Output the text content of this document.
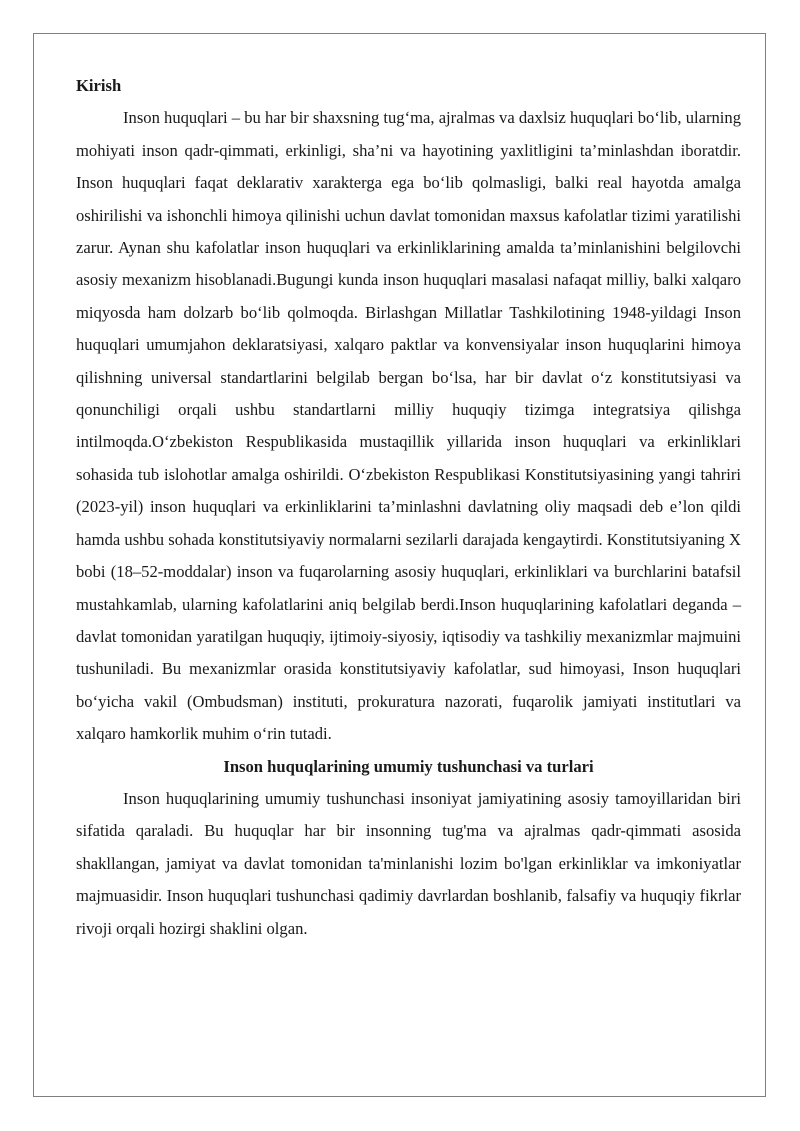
Kirish

Inson huquqlari – bu har bir shaxsning tug‘ma, ajralmas va daxlsiz huquqlari bo‘lib, ularning mohiyati inson qadr-qimmati, erkinligi, sha’ni va hayotining yaxlitligini ta’minlashdan iboratdir. Inson huquqlari faqat deklarativ xarakterga ega bo‘lib qolmasligi, balki real hayotda amalga oshirilishi va ishonchli himoya qilinishi uchun davlat tomonidan maxsus kafolatlar tizimi yaratilishi zarur. Aynan shu kafolatlar inson huquqlari va erkinliklarining amalda ta’minlanishini belgilovchi asosiy mexanizm hisoblanadi.Bugungi kunda inson huquqlari masalasi nafaqat milliy, balki xalqaro miqyosda ham dolzarb bo‘lib qolmoqda. Birlashgan Millatlar Tashkilotining 1948-yildagi Inson huquqlari umumjahon deklaratsiyasi, xalqaro paktlar va konvensiyalar inson huquqlarini himoya qilishning universal standartlarini belgilab bergan bo‘lsa, har bir davlat o‘z konstitutsiyasi va qonunchiligi orqali ushbu standartlarni milliy huquqiy tizimga integratsiya qilishga intilmoqda.O‘zbekiston Respublikasida mustaqillik yillarida inson huquqlari va erkinliklari sohasida tub islohotlar amalga oshirildi. O‘zbekiston Respublikasi Konstitutsiyasining yangi tahriri (2023-yil) inson huquqlari va erkinliklarini ta’minlashni davlatning oliy maqsadi deb e’lon qildi hamda ushbu sohada konstitutsiyaviy normalarni sezilarli darajada kengaytirdi. Konstitutsiyaning X bobi (18–52-moddalar) inson va fuqarolarning asosiy huquqlari, erkinliklari va burchlarini batafsil mustahkamlab, ularning kafolatlarini aniq belgilab berdi.Inson huquqlarining kafolatlari deganda – davlat tomonidan yaratilgan huquqiy, ijtimoiy-siyosiy, iqtisodiy va tashkiliy mexanizmlar majmuini tushuniladi. Bu mexanizmlar orasida konstitutsiyaviy kafolatlar, sud himoyasi, Inson huquqlari bo‘yicha vakil (Ombudsman) instituti, prokuratura nazorati, fuqarolik jamiyati institutlari va xalqaro hamkorlik muhim o‘rin tutadi.

Inson huquqlarining umumiy tushunchasi va turlari

Inson huquqlarining umumiy tushunchasi insoniyat jamiyatining asosiy tamoyillaridan biri sifatida qaraladi. Bu huquqlar har bir insonning tug'ma va ajralmas qadr-qimmati asosida shakllangan, jamiyat va davlat tomonidan ta'minlanishi lozim bo'lgan erkinliklar va imkoniyatlar majmuasidir. Inson huquqlari tushunchasi qadimiy davrlardan boshlanib, falsafiy va huquqiy fikrlar rivoji orqali hozirgi shaklini olgan.
